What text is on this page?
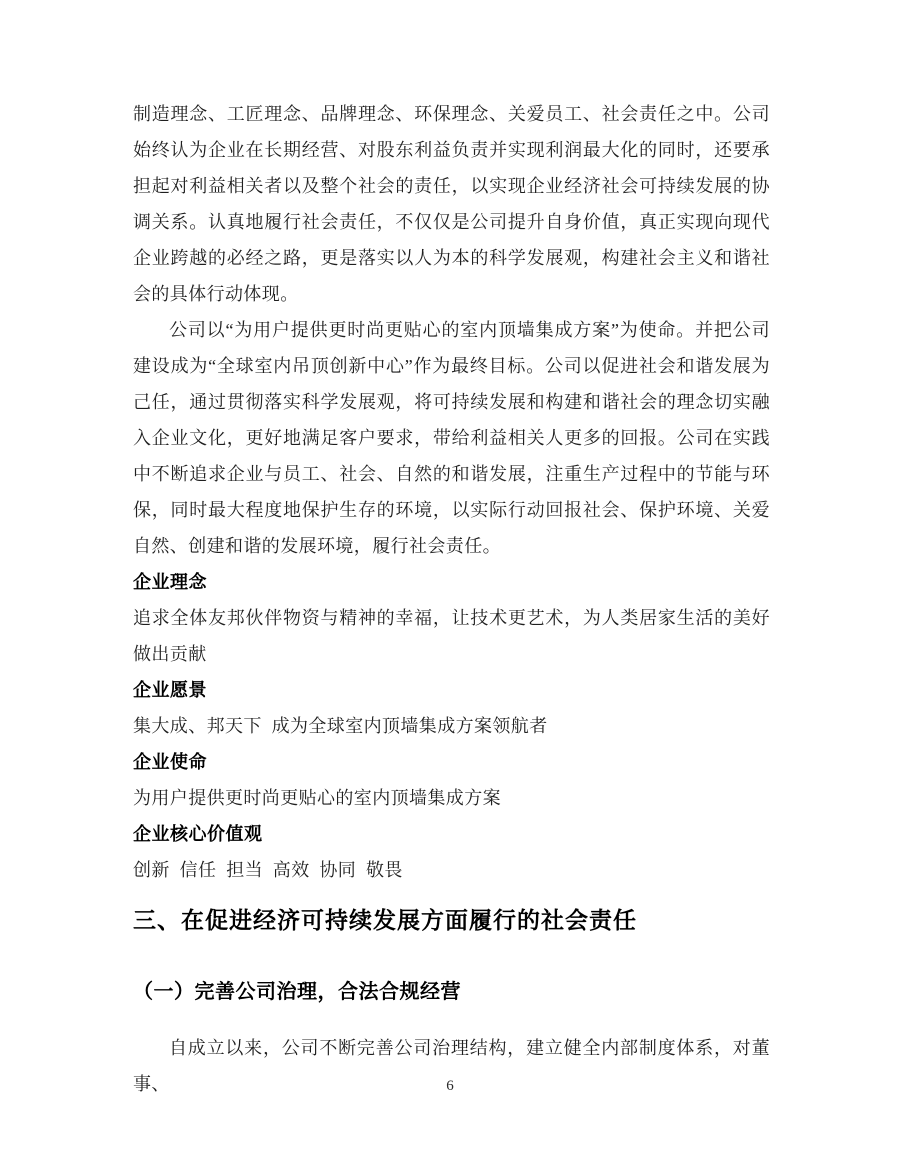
制造理念、工匠理念、品牌理念、环保理念、关爱员工、社会责任之中。公司始终认为企业在长期经营、对股东利益负责并实现利润最大化的同时，还要承担起对利益相关者以及整个社会的责任，以实现企业经济社会可持续发展的协调关系。认真地履行社会责任，不仅仅是公司提升自身价值，真正实现向现代企业跨越的必经之路，更是落实以人为本的科学发展观，构建社会主义和谐社会的具体行动体现。

公司以“为用户提供更时尚更贴心的室内顶墙集成方案”为使命。并把公司建设成为“全球室内吊顶创新中心”作为最终目标。公司以促进社会和谐发展为己任，通过贯彻落实科学发展观，将可持续发展和构建和谐社会的理念切实融入企业文化，更好地满足客户要求，带给利益相关人更多的回报。公司在实践中不断追求企业与员工、社会、自然的和谐发展，注重生产过程中的节能与环保，同时最大程度地保护生存的环境，以实际行动回报社会、保护环境、关爱自然、创建和谐的发展环境，履行社会责任。

企业理念

追求全体友邦伙伴物资与精神的幸福，让技术更艺术，为人类居家生活的美好做出贡献

企业愿景

集大成、邦天下  成为全球室内顶墙集成方案领航者

企业使命

为用户提供更时尚更贴心的室内顶墙集成方案

企业核心价值观

创新  信任  担当  高效  协同  敬畏

三、在促进经济可持续发展方面履行的社会责任

（一）完善公司治理，合法合规经营

自成立以来，公司不断完善公司治理结构，建立健全内部制度体系，对董事、	6
